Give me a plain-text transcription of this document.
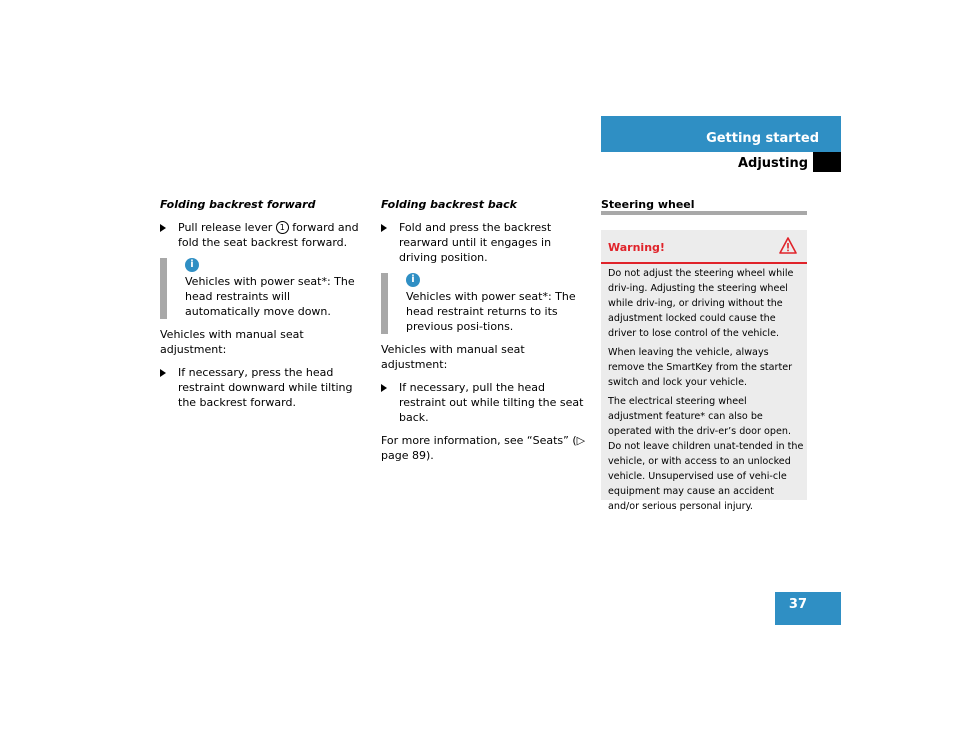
Getting started
Adjusting
Folding backrest forward
Pull release lever 1 forward and fold the seat backrest forward.
i
Vehicles with power seat*: The head restraints will automatically move down.
Vehicles with manual seat adjustment:
If necessary, press the head restraint downward while tilting the backrest forward.
Folding backrest back
Fold and press the backrest rearward until it engages in driving position.
i
Vehicles with power seat*: The head restraint returns to its previous posi-tions.
Vehicles with manual seat adjustment:
If necessary, pull the head restraint out while tilting the seat back.
For more information, see “Seats” (▷ page 89).
Steering wheel
Warning!

Do not adjust the steering wheel while driv-ing. Adjusting the steering wheel while driv-ing, or driving without the adjustment locked could cause the driver to lose control of the vehicle.

When leaving the vehicle, always remove the SmartKey from the starter switch and lock your vehicle.

The electrical steering wheel adjustment feature* can also be operated with the driv-er’s door open. Do not leave children unat-tended in the vehicle, or with access to an unlocked vehicle. Unsupervised use of vehi-cle equipment may cause an accident and/or serious personal injury.

37
